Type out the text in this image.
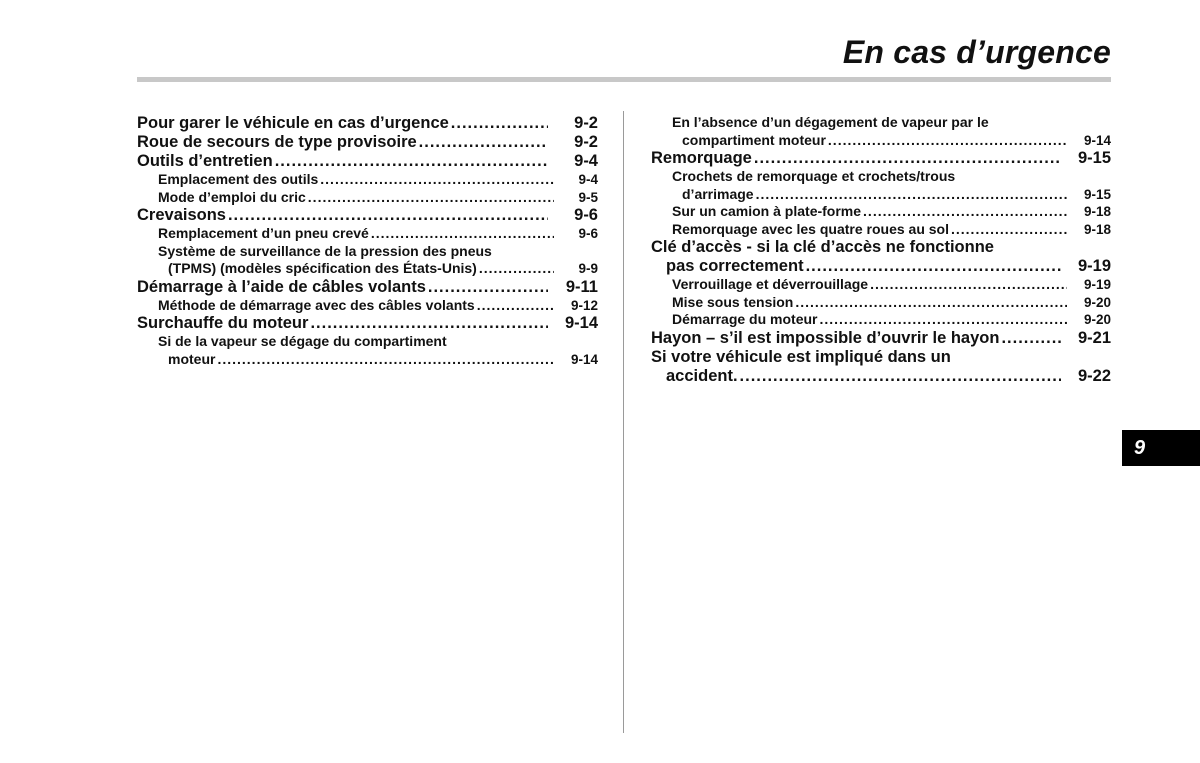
En cas d’urgence
Pour garer le véhicule en cas d’urgence .....	9-2
Roue de secours de type provisoire .....	9-2
Outils d’entretien .....	9-4
Emplacement des outils .....	9-4
Mode d’emploi du cric .....	9-5
Crevaisons .....	9-6
Remplacement d’un pneu crevé .....	9-6
Système de surveillance de la pression des pneus
(TPMS) (modèles spécification des États-Unis) .....	9-9
Démarrage à l’aide de câbles volants .....	9-11
Méthode de démarrage avec des câbles volants .....	9-12
Surchauffe du moteur .....	9-14
Si de la vapeur se dégage du compartiment
moteur .....	9-14
En l’absence d’un dégagement de vapeur par le
compartiment moteur .....	9-14
Remorquage .....	9-15
Crochets de remorquage et crochets/trous
d’arrimage .....	9-15
Sur un camion à plate-forme .....	9-18
Remorquage avec les quatre roues au sol .....	9-18
Clé d’accès - si la clé d’accès ne fonctionne
pas correctement .....	9-19
Verrouillage et déverrouillage .....	9-19
Mise sous tension .....	9-20
Démarrage du moteur .....	9-20
Hayon – s’il est impossible d’ouvrir le hayon .....	9-21
Si votre véhicule est impliqué dans un
accident. .....	9-22
9
